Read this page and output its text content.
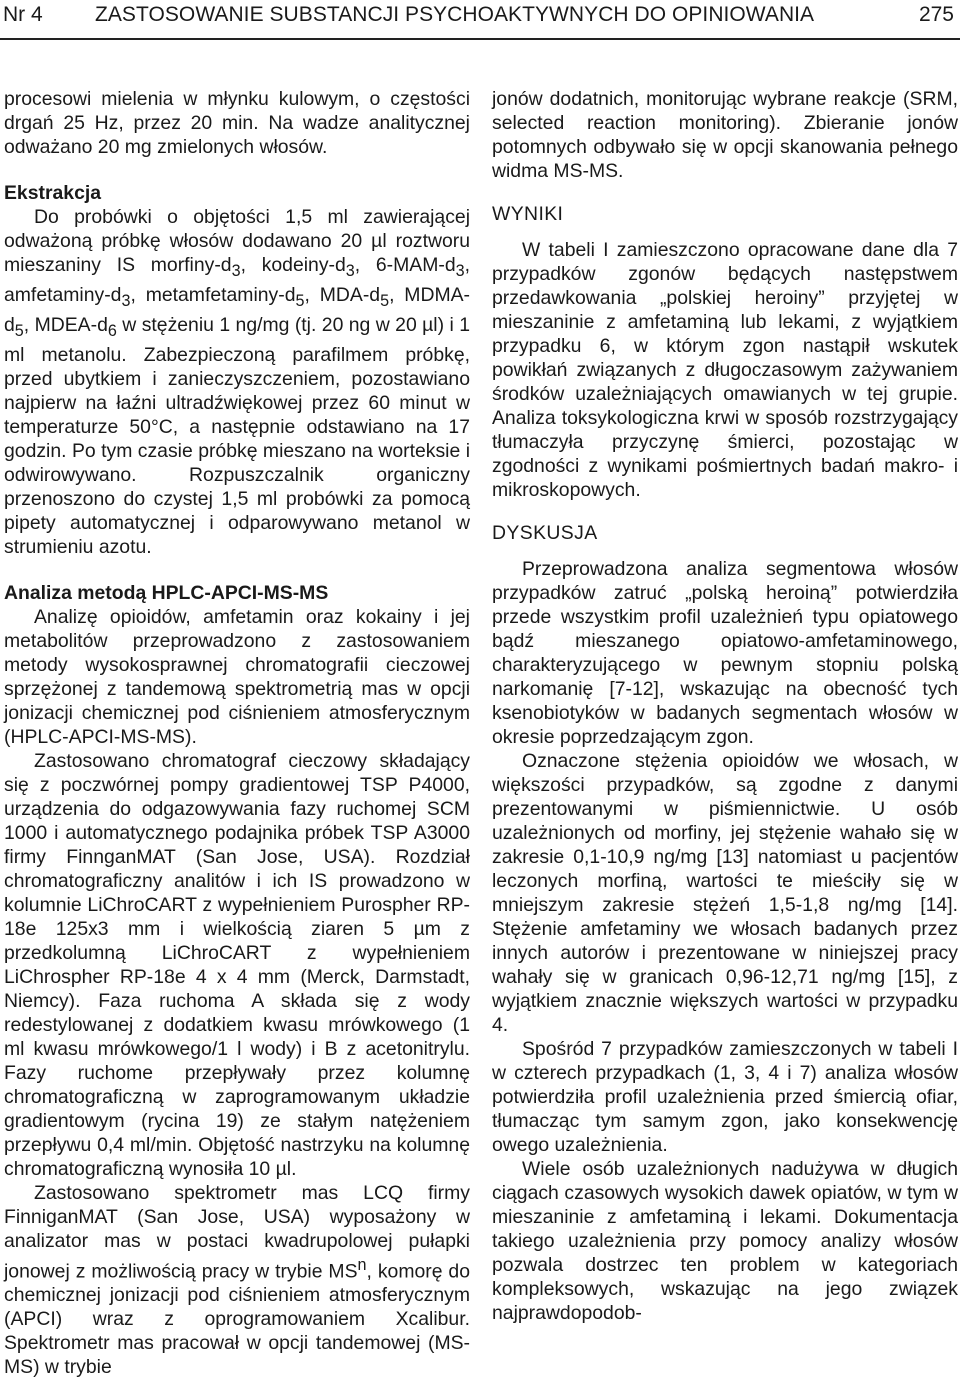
Nr 4 ZASTOSOWANIE SUBSTANCJI PSYCHOAKTYWNYCH DO OPINIOWANIA	275

procesowi mielenia w młynku kulowym, o częstości drgań 25 Hz, przez 20 min. Na wadze analitycznej odważano 20 mg zmielonych włosów.

Ekstrakcja

Do probówki o objętości 1,5 ml zawierającej odważoną próbkę włosów dodawano 20 µl roztworu mieszaniny IS morfiny-$d_3$, kodeiny-$d_3$, $6-MAM-d_3$, amfetaminy-$d_3$, metamfetaminy-$d_5$, MDA-$d_5$, MDMA-$d_5$, MDEA-$d_6$ w stężeniu 1 ng/mg (tj. 20 ng w 20 µl) i 1 ml metanolu. Zabezpieczoną parafilmem próbkę, przed ubytkiem i zanieczyszczeniem, pozostawiano najpierw na łaźni ultradźwiękowej przez 60 minut w temperaturze 50°C, a następnie odstawiano na 17 godzin. Po tym czasie próbkę mieszano na worteksie i odwirowywano. Rozpuszczalnik organiczny przenoszono do czystej 1,5 ml probówki za pomocą pipety automatycznej i odparowywano metanol w strumieniu azotu.

Analiza metodą HPLC-APCI-MS-MS

Analizę opioidów, amfetamin oraz kokainy i jej metabolitów przeprowadzono z zastosowaniem metody wysokosprawnej chromatografii cieczowej sprzężonej z tandemową spektrometrią mas w opcji jonizacji chemicznej pod ciśnieniem atmosferycznym (HPLC-APCI-MS-MS).

Zastosowano chromatograf cieczowy składający się z poczwórnej pompy gradientowej TSP P4000, urządzenia do odgazowywania fazy ruchomej SCM 1000 i automatycznego podajnika próbek TSP A3000 firmy FinnganMAT (San Jose, USA). Rozdział chromatograficzny analitów i ich IS prowadzono w kolumnie LiChroCART z wypełnieniem Purospher RP-18e 125x3 mm i wielkością ziaren 5 µm z przedkolumną LiChroCART z wypełnieniem LiChrospher RP-18e 4 x 4 mm (Merck, Darmstadt, Niemcy). Faza ruchoma A składa się z wody redestylowanej z dodatkiem kwasu mrówkowego (1 ml kwasu mrówkowego/1 l wody) i B z acetonitrylu. Fazy ruchome przepływały przez kolumnę chromatograficzną w zaprogramowanym układzie gradientowym (rycina 19) ze stałym natężeniem przepływu 0,4 ml/min. Objętość nastrzyku na kolumnę chromatograficzną wynosiła 10 µl.

Zastosowano spektrometr mas LCQ firmy FinniganMAT (San Jose, USA) wyposażony w analizator mas w postaci kwadrupolowej pułapki jonowej z możliwością pracy w trybie $MS^n$, komorę do chemicznej jonizacji pod ciśnieniem atmosferycznym (APCI) wraz z oprogramowaniem Xcalibur. Spektrometr mas pracował w opcji tandemowej (MS-MS) w trybie

jonów dodatnich, monitorując wybrane reakcje (SRM, selected reaction monitoring). Zbieranie jonów potomnych odbywało się w opcji skanowania pełnego widma MS-MS.

WYNIKI

W tabeli I zamieszczono opracowane dane dla 7 przypadków zgonów będących następstwem przedawkowania „polskiej heroiny” przyjętej w mieszaninie z amfetaminą lub lekami, z wyjątkiem przypadku 6, w którym zgon nastąpił wskutek powikłań związanych z długoczasowym zażywaniem środków uzależniających omawianych w tej grupie. Analiza toksykologiczna krwi w sposób rozstrzygający tłumaczyła przyczynę śmierci, pozostając w zgodności z wynikami pośmiertnych badań makro- i mikroskopowych.

DYSKUSJA

Przeprowadzona analiza segmentowa włosów przypadków zatruć „polską heroiną” potwierdziła przede wszystkim profil uzależnień typu opiatowego bądź mieszanego opiatowo-amfetaminowego, charakteryzującego w pewnym stopniu polską narkomanię [7-12], wskazując na obecność tych ksenobiotyków w badanych segmentach włosów w okresie poprzedzającym zgon.

Oznaczone stężenia opioidów we włosach, w większości przypadków, są zgodne z danymi prezentowanymi w piśmiennictwie. U osób uzależnionych od morfiny, jej stężenie wahało się w zakresie 0,1-10,9 ng/mg [13] natomiast u pacjentów leczonych morfiną, wartości te mieściły się w mniejszym zakresie stężeń 1,5-1,8 ng/mg [14]. Stężenie amfetaminy we włosach badanych przez innych autorów i prezentowane w niniejszej pracy wahały się w granicach 0,96-12,71 ng/mg [15], z wyjątkiem znacznie większych wartości w przypadku 4.

Spośród 7 przypadków zamieszczonych w tabeli I w czterech przypadkach (1, 3, 4 i 7) analiza włosów potwierdziła profil uzależnienia przed śmiercią ofiar, tłumacząc tym samym zgon, jako konsekwencję owego uzależnienia.

Wiele osób uzależnionych nadużywa w długich ciągach czasowych wysokich dawek opiatów, w tym w mieszaninie z amfetaminą i lekami. Dokumentacja takiego uzależnienia przy pomocy analizy włosów pozwala dostrzec ten problem w kategoriach kompleksowych, wskazując na jego związek najprawdopodob-
